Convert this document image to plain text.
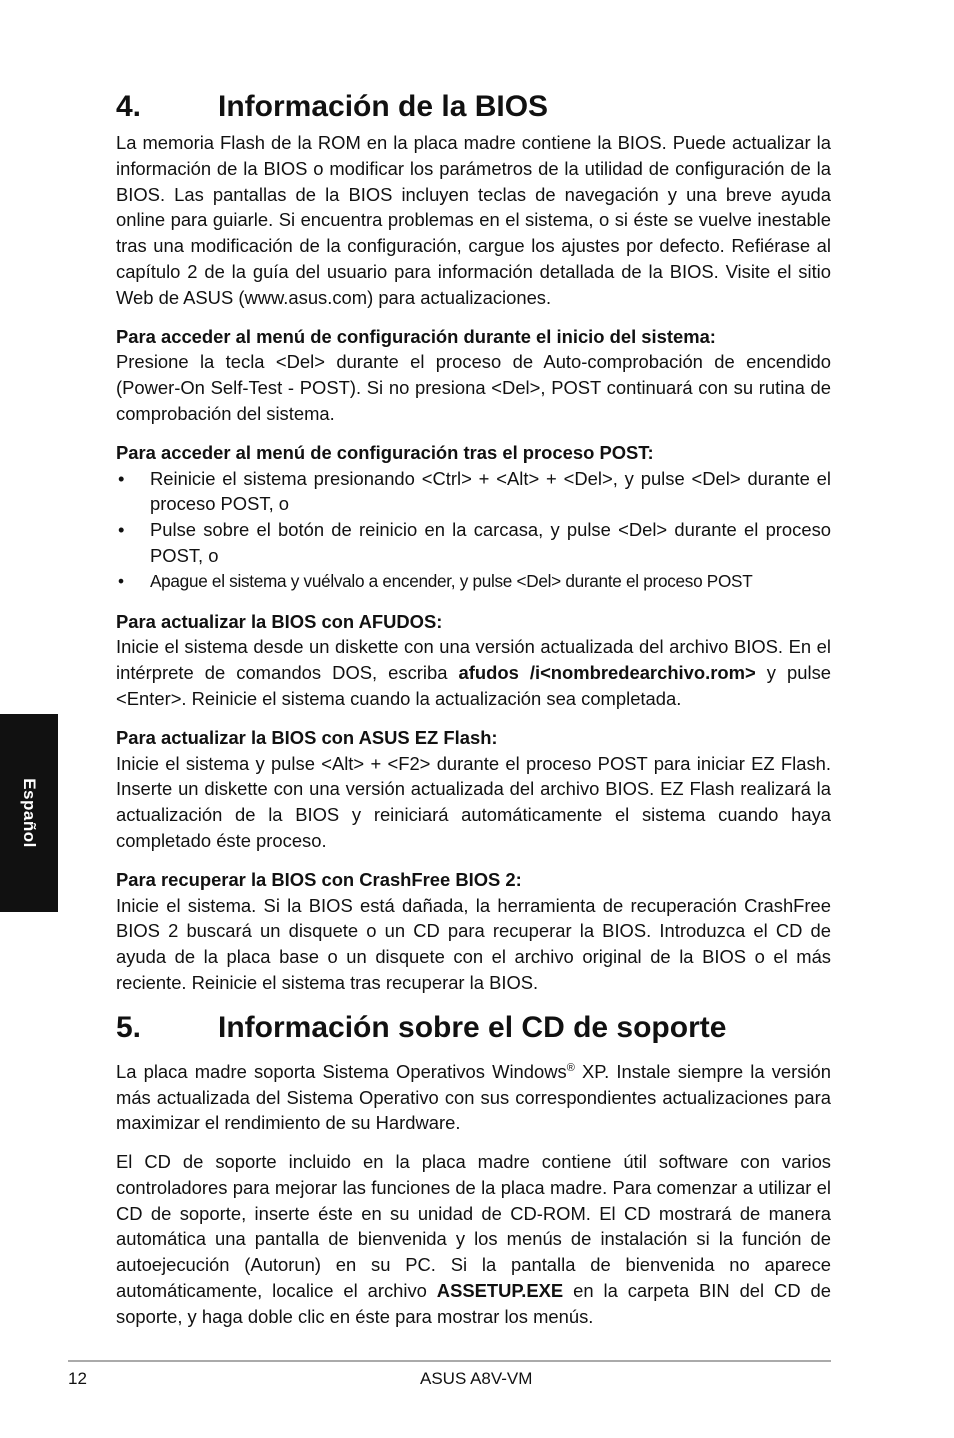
Español
4.	Información de la BIOS

La memoria Flash de la ROM en la placa madre contiene la BIOS. Puede actualizar la información de la BIOS o modificar los parámetros de la utilidad de configuración de la BIOS. Las pantallas de la BIOS incluyen teclas de navegación y una breve ayuda online para guiarle. Si encuentra problemas en el sistema, o si éste se vuelve inestable tras una modificación de la configuración, cargue los ajustes por defecto. Refiérase al capítulo 2 de la guía del usuario para información detallada de la BIOS. Visite el sitio Web de ASUS (www.asus.com) para actualizaciones.

Para acceder al menú de configuración durante el inicio del sistema:

Presione la tecla <Del> durante el proceso de Auto-comprobación de encendido (Power-On Self-Test - POST). Si no presiona <Del>, POST continuará con su rutina de comprobación del sistema.

Para acceder al menú de configuración tras el proceso POST:
• Reinicie el sistema presionando <Ctrl> + <Alt> + <Del>, y pulse <Del> durante el proceso POST, o
• Pulse sobre el botón de reinicio en la carcasa, y pulse <Del> durante el proceso POST, o
• Apague el sistema y vuélvalo a encender, y pulse <Del> durante el proceso POST
Para actualizar la BIOS con AFUDOS:

Inicie el sistema desde un diskette con una versión actualizada del archivo BIOS. En el intérprete de comandos DOS, escriba afudos /i<nombredearchivo.rom> y pulse <Enter>. Reinicie el sistema cuando la actualización sea completada.

Para actualizar la BIOS con ASUS EZ Flash:

Inicie el sistema y pulse <Alt> + <F2> durante el proceso POST para iniciar EZ Flash. Inserte un diskette con una versión actualizada del archivo BIOS. EZ Flash realizará la actualización de la BIOS y reiniciará automáticamente el sistema cuando haya completado éste proceso.

Para recuperar la BIOS con CrashFree BIOS 2:

Inicie el sistema. Si la BIOS está dañada, la herramienta de recuperación CrashFree BIOS 2 buscará un disquete o un CD para recuperar la BIOS. Introduzca el CD de ayuda de la placa base o un disquete con el archivo original de la BIOS o el más reciente. Reinicie el sistema tras recuperar la BIOS.

5.	Información sobre el CD de soporte

La placa madre soporta Sistema Operativos Windows® XP. Instale siempre la versión más actualizada del Sistema Operativo con sus correspondientes actualizaciones para maximizar el rendimiento de su Hardware.

El CD de soporte incluido en la placa madre contiene útil software con varios controladores para mejorar las funciones de la placa madre. Para comenzar a utilizar el CD de soporte, inserte éste en su unidad de CD-ROM. El CD mostrará de manera automática una pantalla de bienvenida y los menús de instalación si la función de autoejecución (Autorun) en su PC. Si la pantalla de bienvenida no aparece automáticamente, localice el archivo ASSETUP.EXE en la carpeta BIN del CD de soporte, y haga doble clic en éste para mostrar los menús.

12	ASUS A8V-VM
